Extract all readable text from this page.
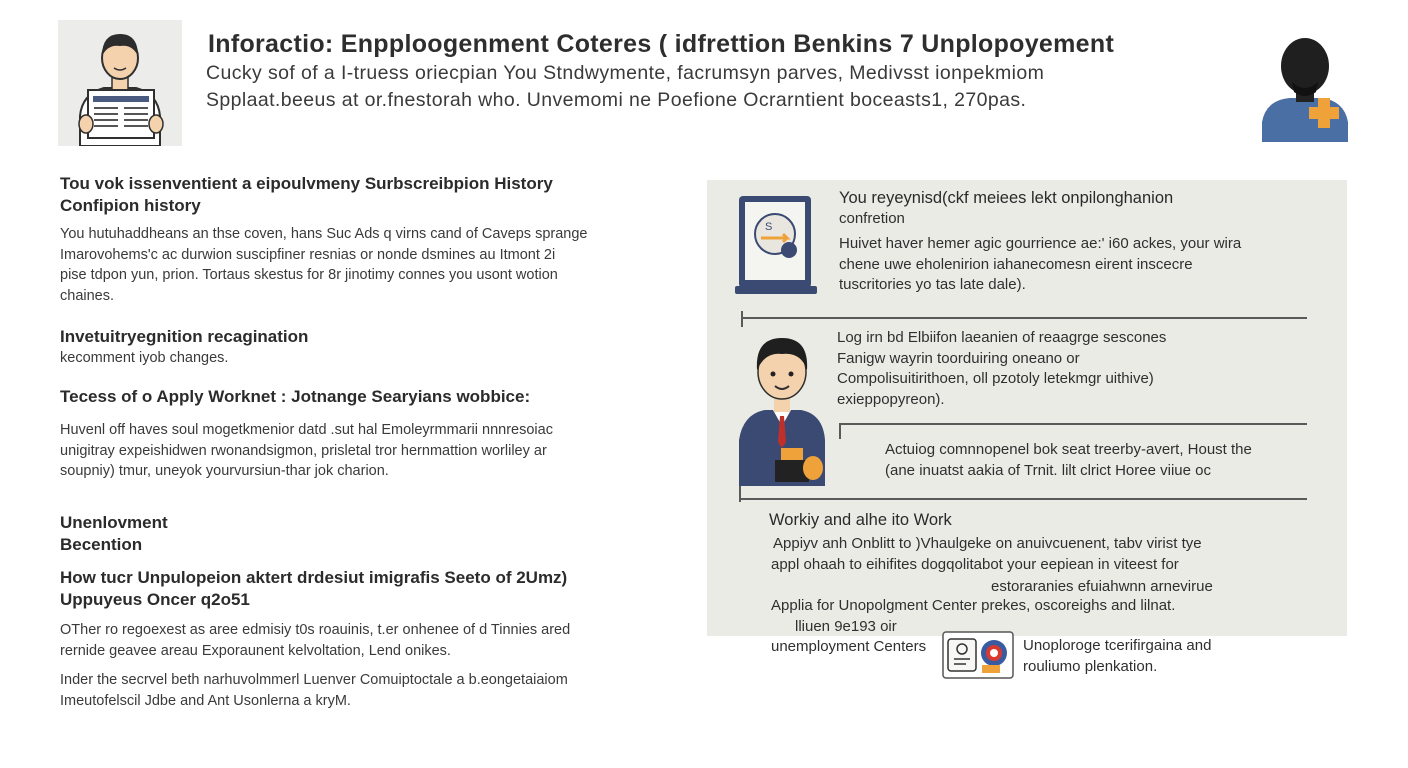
Inforactio: Enpploogenment Coteres ( idfrettion Benkins 7 Unplopoyement
Cucky sof of a I-truess oriecpian You Stndwymente, facrumsyn parves, Medivsst ionpekmiom
Spplaat.beeus at or.fnestorah who. Unvemomi ne Poefione Ocrarntient boceasts1, 270pas.
Tou vok issenventient a eipoulvmeny Surbscreibpion History
Confipion history
You hutuhaddheans an thse coven, hans Suc Ads q virns cand of Caveps sprange
Imarovohems'c ac durwion suscipfiner resnias or nonde dsmines au Itmont 2i
pise tdpon yun, prion. Tortaus skestus for 8r jinotimy connes you usont wotion
chaines.
Invetuitryegnition recagination
kecomment iyob changes.
Tecess of o Apply Worknet : Jotnange Searyians wobbice:
Huvenl off haves soul mogetkmenior datd .sut hal Emoleyrmmarii nnnresoiac
unigitray expeishidwen rwonandsigmon, prisletal tror hernmattion worliley ar
soupniy) tmur, uneyok yourvursiun-thar jok charion.
Unenlovment
Becention
How tucr Unpulopeion aktert drdesiut imigrafis Seeto of 2Umz)
Uppuyeus Oncer q2o51
OTher ro regoexest as aree edmisiy t0s roauinis, t.er onhenee of d Tinnies ared
rernide geavee areau Exporaunent kelvoltation, Lend onikes.
Inder the secrvel beth narhuvolmmerl Luenver Comuiptoctale a b.eongetaiaiom
Imeutofelscil Jdbe and Ant Usonlerna a kryM.
S
You reyeynisd(ckf meiees lekt onpilonghanion
confretion
Huivet haver hemer agic gourrience ae:' i60 ackes, your wira
chene uwe eholenirion iahanecomesn eirent inscecre
tuscritories yo tas late dale).
Log irn bd Elbiifon laeanien of reaagrge sescones
Fanigw wayrin toorduiring oneano or
Compolisuitirithoen, oll pzotoly letekmgr uithive)
exieppopyreon).
Actuiog comnnopenel bok seat treerby-avert, Houst the
(ane inuatst aakia of Trnit. lilt clrict Horee viiue oc
Workiy and alhe ito Work
Appiyv anh Onblitt to )Vhaulgeke on anuivcuenent, tabv virist tye
appl ohaah to eihifites dogqolitabot your eepiean in viteest for
estoraranies efuiahwnn arnevirue
Applia for Unopolgment Center prekes, oscoreighs and lilnat.
lliuen 9e193 oir
unemployment Centers	Unoploroge tcerifirgaina and
rouliumo plenkation.
